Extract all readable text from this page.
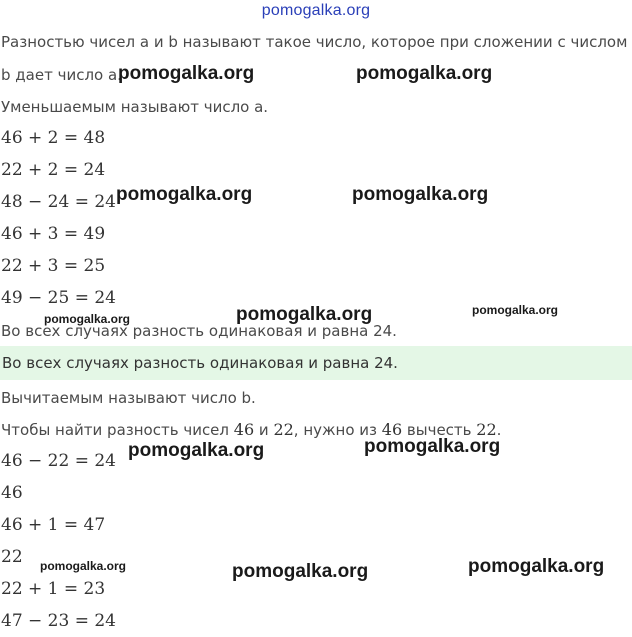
pomogalka.org
Разностью чисел a и b называют такое число, которое при сложении с числом
b дает число a.
Уменьшаемым называют число a.
46 + 2 = 48
22 + 2 = 24
48 − 24 = 24
46 + 3 = 49
22 + 3 = 25
49 − 25 = 24
Во всех случаях разность одинаковая и равна 24.
Во всех случаях разность одинаковая и равна 24.
Вычитаемым называют число b.
Чтобы найти разность чисел 46 и 22, нужно из 46 вычесть 22.
46 − 22 = 24
46
46 + 1 = 47
22
22 + 1 = 23
47 − 23 = 24
pomogalka.org	pomogalka.org
pomogalka.org	pomogalka.org
pomogalka.org	pomogalka.org	pomogalka.org
pomogalka.org	pomogalka.org
pomogalka.org	pomogalka.org	pomogalka.org
